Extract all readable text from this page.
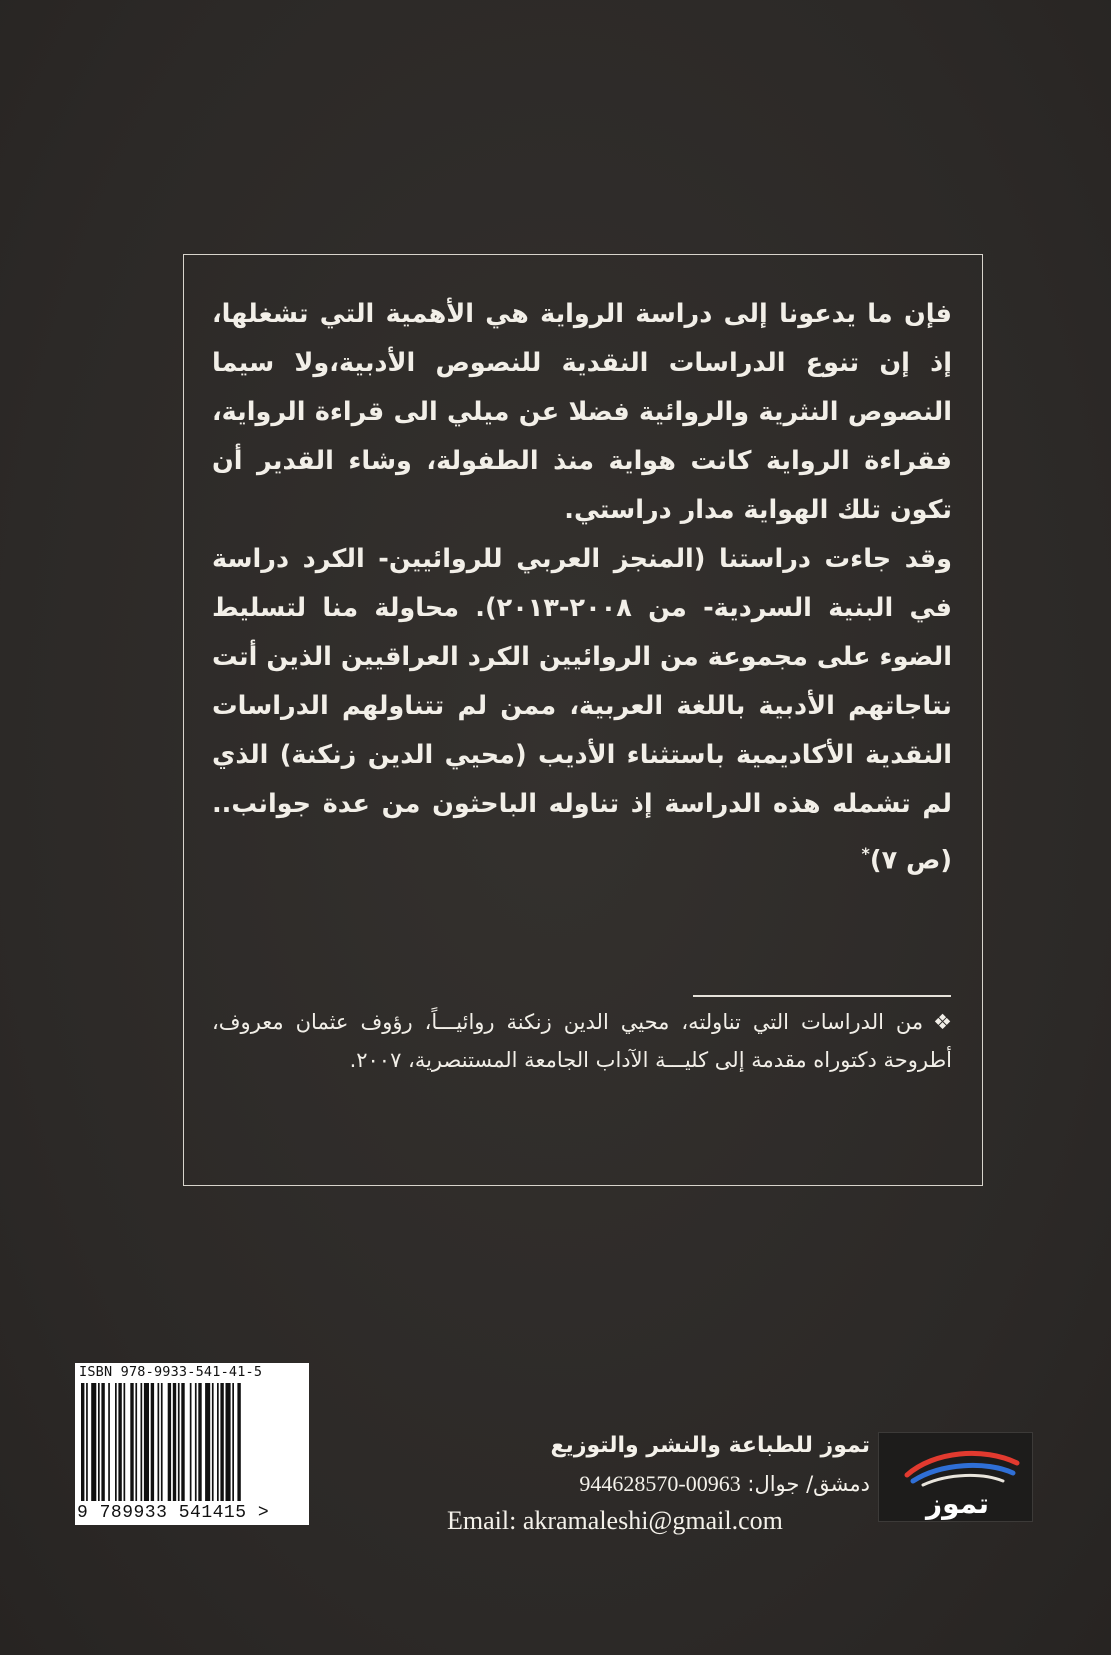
فإن ما يدعونا إلى دراسة الرواية هي الأهمية التي تشغلها، إذ إن تنوع الدراسات النقدية للنصوص الأدبية،ولا سيما النصوص النثرية والروائية فضلا عن ميلي الى قراءة الرواية، فقراءة الرواية كانت هواية منذ الطفولة، وشاء القدير أن تكون تلك الهواية مدار دراستي.

وقد جاءت دراستنا (المنجز العربي للروائيين- الكرد دراسة في البنية السردية- من ٢٠٠٨-٢٠١٣). محاولة منا لتسليط الضوء على مجموعة من الروائيين الكرد العراقيين الذين أتت نتاجاتهم الأدبية باللغة العربية، ممن لم تتناولهم الدراسات النقدية الأكاديمية باستثناء الأديب (محيي الدين زنكنة) الذي لم تشمله هذه الدراسة إذ تناوله الباحثون من عدة جوانب..(ص ٧)*

❖من الدراسات التي تناولته، محيي الدين زنكنة روائيـــاً، رؤوف عثمان معروف، أطروحة دكتوراه مقدمة إلى كليـــة الآداب الجامعة المستنصرية، ٢٠٠٧.
ISBN 978-9933-541-41-5
9 789933 541415 >
تموز للطباعة والنشر والتوزيع
دمشق/ جوال: 00963-944628570
Email: akramaleshi@gmail.com
تموز
